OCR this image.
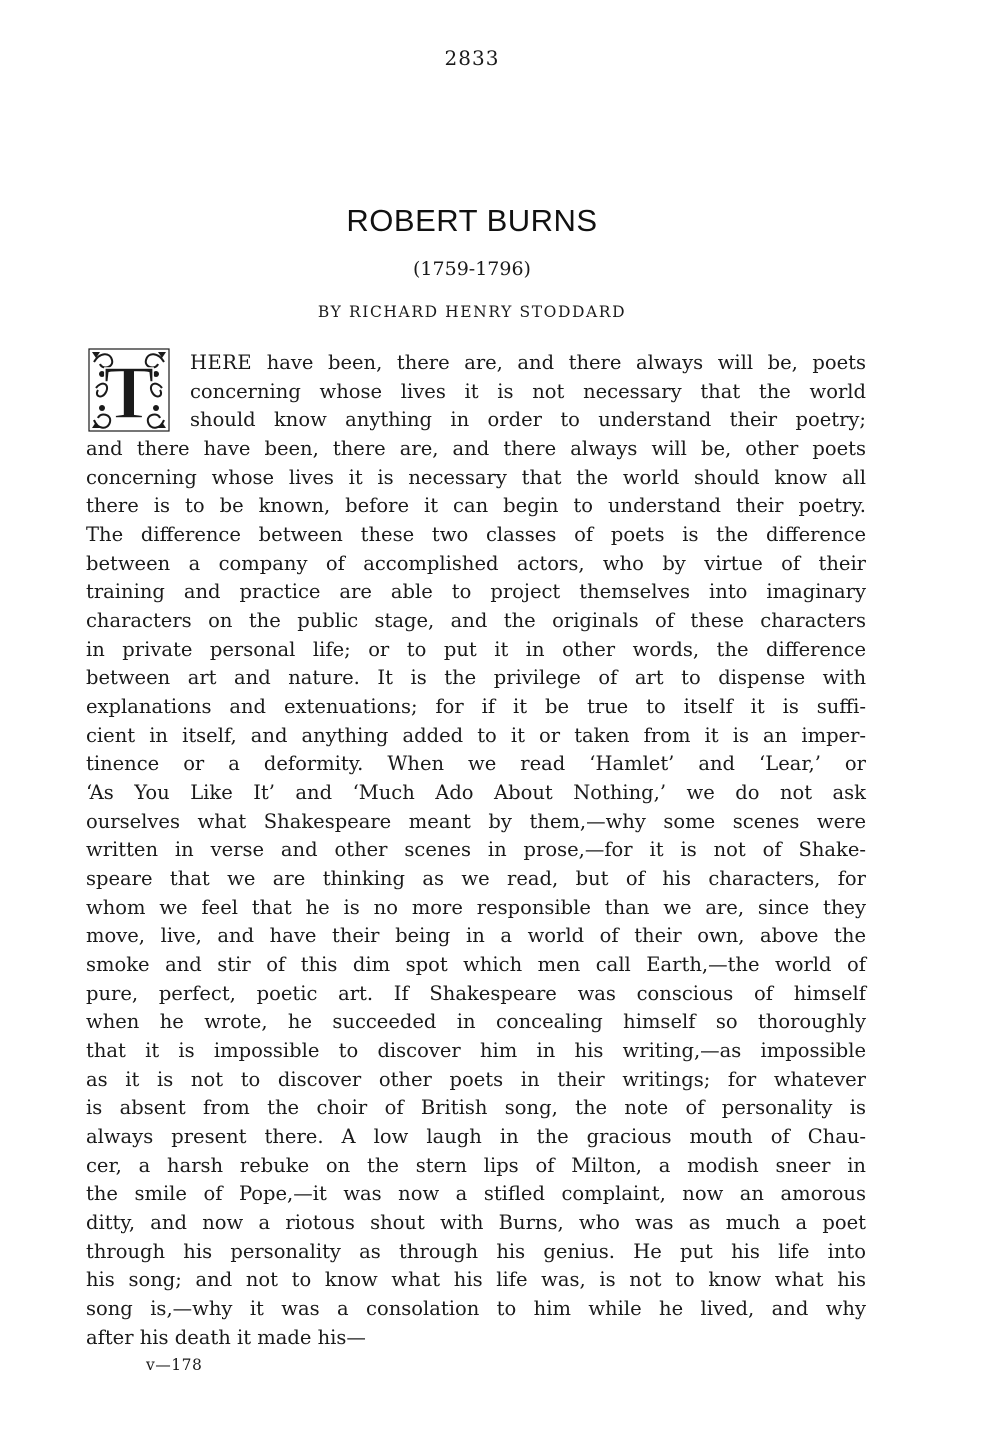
2833
ROBERT BURNS
(1759-1796)
BY RICHARD HENRY STODDARD
T HERE have been, there are, and there always will be, poets
concerning whose lives it is not necessary that the world
should know anything in order to understand their poetry;
and there have been, there are, and there always will be, other poets
concerning whose lives it is necessary that the world should know all
there is to be known, before it can begin to understand their poetry.
The difference between these two classes of poets is the difference
between a company of accomplished actors, who by virtue of their
training and practice are able to project themselves into imaginary
characters on the public stage, and the originals of these characters
in private personal life; or to put it in other words, the difference
between art and nature. It is the privilege of art to dispense with
explanations and extenuations; for if it be true to itself it is suffi-
cient in itself, and anything added to it or taken from it is an imper-
tinence or a deformity. When we read ‘Hamlet’ and ‘Lear,’ or
‘As You Like It’ and ‘Much Ado About Nothing,’ we do not ask
ourselves what Shakespeare meant by them,—why some scenes were
written in verse and other scenes in prose,—for it is not of Shake-
speare that we are thinking as we read, but of his characters, for
whom we feel that he is no more responsible than we are, since they
move, live, and have their being in a world of their own, above the
smoke and stir of this dim spot which men call Earth,—the world of
pure, perfect, poetic art. If Shakespeare was conscious of himself
when he wrote, he succeeded in concealing himself so thoroughly
that it is impossible to discover him in his writing,—as impossible
as it is not to discover other poets in their writings; for whatever
is absent from the choir of British song, the note of personality is
always present there. A low laugh in the gracious mouth of Chau-
cer, a harsh rebuke on the stern lips of Milton, a modish sneer in
the smile of Pope,—it was now a stifled complaint, now an amorous
ditty, and now a riotous shout with Burns, who was as much a poet
through his personality as through his genius. He put his life into
his song; and not to know what his life was, is not to know what his
song is,—why it was a consolation to him while he lived, and why
after his death it made his—
v—178
